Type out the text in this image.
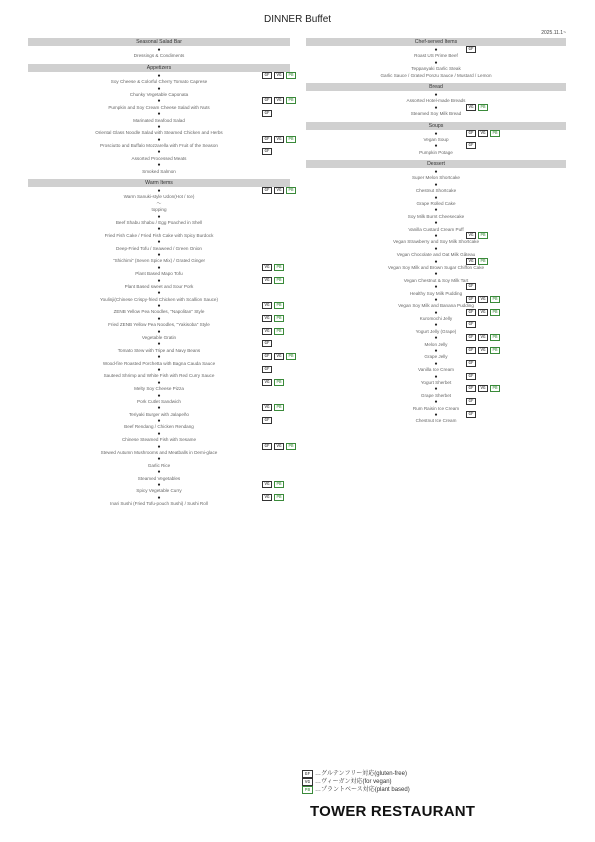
DINNER Buffet
2025.11.1~
Seasonal Salad Bar
●
Dressings & Condiments
Appetizers
●
Soy Cheese & Colorful Cherry Tomato Caprese
GF	VG	PB
●
Chunky Vegetable Caponata
●
Pumpkin and Soy Cream Cheese Salad with Nuts
GF	VG	PB
●
Marinated Seafood Salad
GF
●
Oriental Glass Noodle Salad with Steamed Chicken and Herbs
●
Prosciutto and Buffalo Mozzarella with Fruit of the Season
GF	VG	PB
●
Assorted Processed Meats
GF
●
Smoked Salmon
Warm Items
●
Warm Sanuki-style Udon(Hot / Ice)
GF	VG	PB
〜
topping
●
Beef Shabu Shabu / Egg Poached in Shell
●
Fried Fish Cake / Fried Fish Cake with Spicy Burdock
●
Deep-Fried Tofu / Seaweed / Green Onion
●
"Shichimi" (Seven Spice Mix) / Grated Ginger
●
Plant Based Mapo Tofu
VG	PB
●
Plant Based sweet and Sour Pork
VG	PB
●
Youlinji(Chinese Crispy-fried Chicken with Scallion Sauce)
●
ZENB Yellow Pea Noodles, "Napolitan" Style
VG	PB
●
Fried ZENB Yellow Pea Noodles, "Yakisoba" Style
VG	PB
●
Vegetable Gratin
VG	PB
●
Tomato Stew with Tripe and Navy Beans
GF
●
Wood-fire Roasted Porchetta with Bagna Cauda Sauce
GF	VG	PB
●
Sauteed Shrimp and White Fish with Red Curry Sauce
GF
●
Melty Soy Cheese Pizza
VG	PB
●
Pork Cutlet Sandwich
●
Teriyaki Burger with Jalapeño
VG	PB
●
Beef Rendang / Chicken Rendang
GF
●
Chinese Steamed Fish with Sesame
●
Stewed Autumn Mushrooms and Meatballs in Demi-glace
GF	VG	PB
●
Garlic Rice
●
Steamed Vegetables
●
Spicy Vegetable Curry
VG	PB
●
Inari Sushi (Fried Tofu-pouch Sushi) / Sushi Roll
VG	PB
Chef-served Items
●
Roast US Prime Beef
GF
●
Teppanyaki Garlic Steak
Garlic Sauce / Grated Ponzu Sauce / Mustard / Lemon
Bread
●
Assorted Hotel-made Breads
●
Steamed Soy Milk Bread
VG	PB
Soups
●
Vegan Soup
GF	VG	PB
●
Pumpkin Potage
GF
Dessert
●
Super Melon Shortcake
●
Chestnut Shortcake
●
Grape Rolled Cake
●
Soy Milk Burnt Cheesecake
●
Vanilla Custard Cream Puff
●
Vegan Strawberry and Soy Milk Shortcake
VG	PB
●
Vegan Chocolate and Oat Milk Gâteau
●
Vegan Soy Milk and Brown Sugar Chiffon Cake
VG	PB
●
Vegan Chestnut & Soy Milk Tart
●
Healthy Soy Milk Pudding
GF
●
Vegan Soy Milk and Banana Pudding
GF	VG	PB
●
Kuromochi Jelly
GF	VG	PB
●
Yogurt Jelly (Grape)
GF
●
Melon Jelly
GF	VG	PB
●
Grape Jelly
GF	VG	PB
●
Vanilla Ice Cream
GF
●
Yogurt Sherbet
GF
●
Grape Sherbet
GF	VG	PB
●
Rum Raisin Ice Cream
GF
●
Chestnut Ice Cream
GF
GF …グルテンフリー対応(gluten-free)
VG …ヴィーガン対応(for vegan)
PB …プラントベース対応(plant based)
TOWER RESTAURANT
